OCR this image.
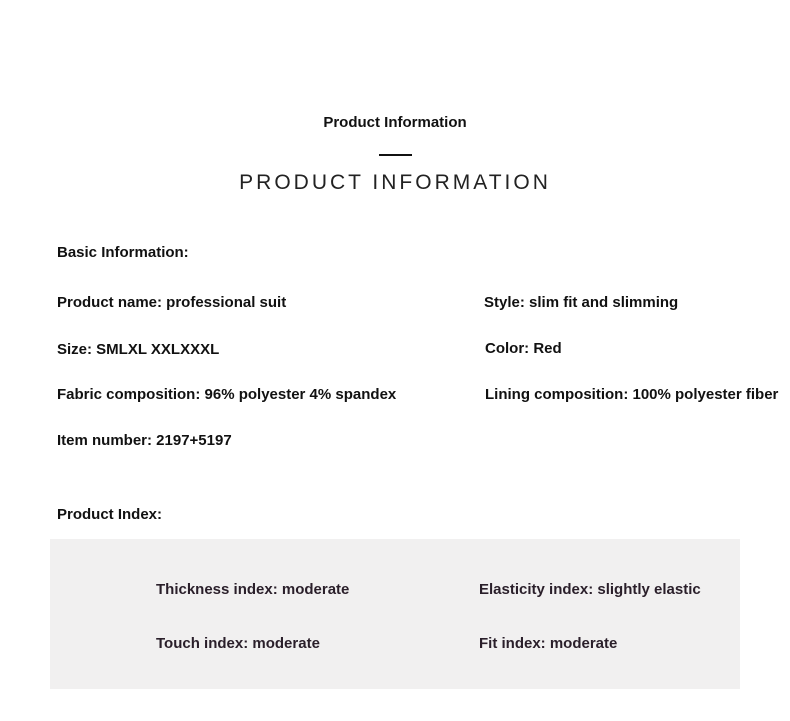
Product Information
PRODUCT INFORMATION
Basic Information:
Product name: professional suit	Style: slim fit and slimming
Size: SMLXL XXLXXXL	Color: Red
Fabric composition: 96% polyester 4% spandex	Lining composition: 100% polyester fiber
Item number: 2197+5197
Product Index:
Thickness index: moderate	Elasticity index: slightly elastic
Touch index: moderate	Fit index: moderate
